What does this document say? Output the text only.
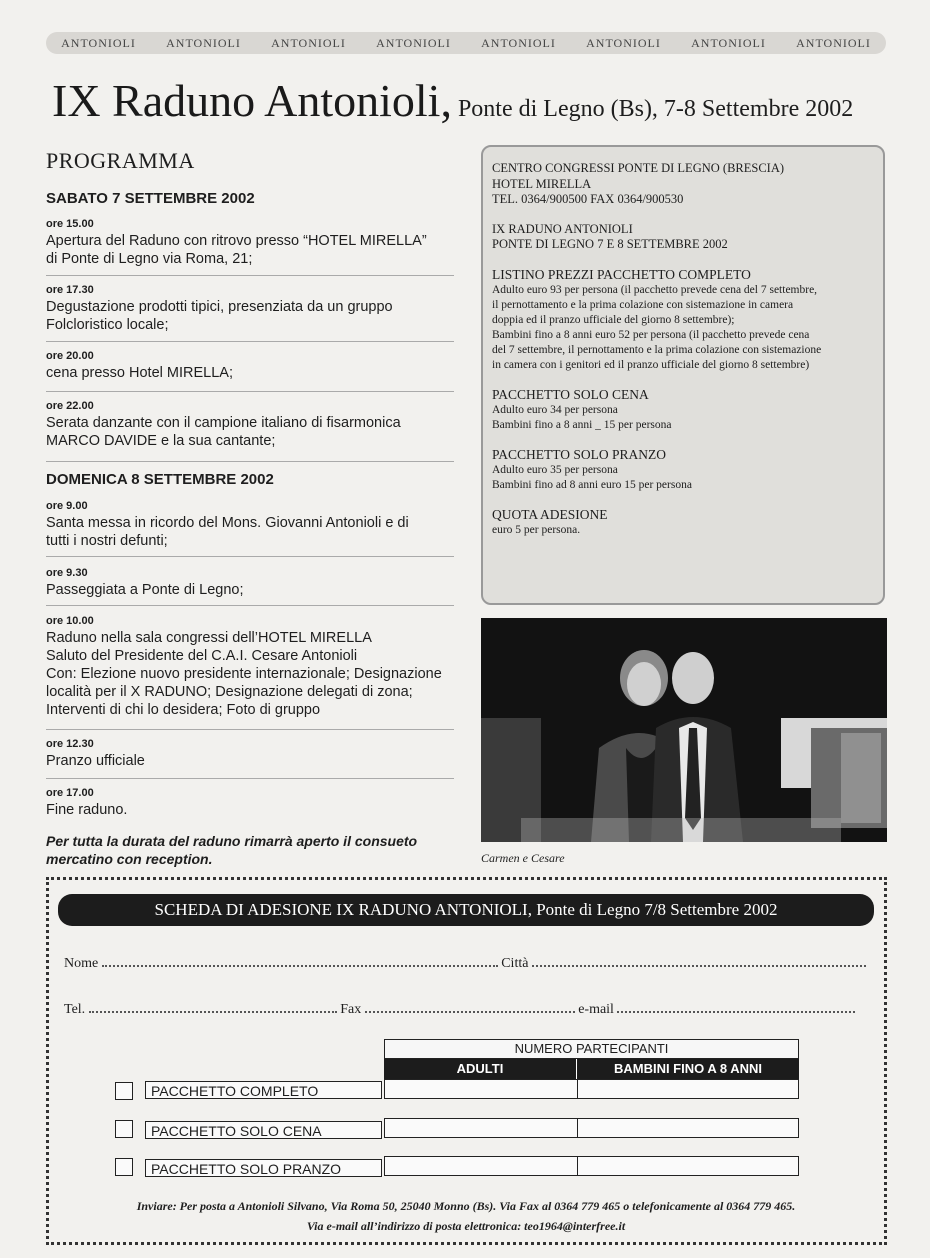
ANTONIOLI	ANTONIOLI	ANTONIOLI	ANTONIOLI	ANTONIOLI	ANTONIOLI	ANTONIOLI	ANTONIOLI
IX Raduno Antonioli, Ponte di Legno (Bs), 7-8 Settembre 2002
PROGRAMMA
SABATO 7 SETTEMBRE 2002
ore 15.00
Apertura del Raduno con ritrovo presso “HOTEL MIRELLA”
di Ponte di Legno via Roma, 21;
ore 17.30
Degustazione prodotti tipici, presenziata da un gruppo
Folcloristico locale;
ore 20.00
cena presso Hotel MIRELLA;
ore 22.00
Serata danzante con il campione italiano di fisarmonica
MARCO DAVIDE e la sua cantante;
DOMENICA 8 SETTEMBRE 2002
ore 9.00
Santa messa in ricordo del Mons. Giovanni Antonioli e di
tutti i nostri defunti;
ore 9.30
Passeggiata a Ponte di Legno;
ore 10.00
Raduno nella sala congressi dell’HOTEL MIRELLA
Saluto del Presidente del C.A.I. Cesare Antonioli
Con: Elezione nuovo presidente internazionale; Designazione
località per il X RADUNO; Designazione delegati di zona;
Interventi di chi lo desidera; Foto di gruppo
ore 12.30
Pranzo ufficiale
ore 17.00
Fine raduno.
Per tutta la durata del raduno rimarrà aperto il consueto mercatino con reception.
CENTRO CONGRESSI PONTE DI LEGNO (BRESCIA)
HOTEL MIRELLA
TEL. 0364/900500 FAX 0364/900530
IX RADUNO ANTONIOLI
PONTE DI LEGNO 7 E 8 SETTEMBRE 2002
LISTINO PREZZI PACCHETTO COMPLETO
Adulto euro 93 per persona (il pacchetto prevede cena del 7 settembre,
il pernottamento e la prima colazione con sistemazione in camera
doppia ed il pranzo ufficiale del giorno 8 settembre);
Bambini fino a 8 anni euro 52 per persona (il pacchetto prevede cena
del 7 settembre, il pernottamento e la prima colazione con sistemazione
in camera con i genitori ed il pranzo ufficiale del giorno 8 settembre)
PACCHETTO SOLO CENA
Adulto euro 34 per persona
Bambini fino a 8 anni _ 15 per persona
PACCHETTO SOLO PRANZO
Adulto euro 35 per persona
Bambini fino ad 8 anni euro 15 per persona
QUOTA ADESIONE
euro 5 per persona.
Carmen e Cesare
SCHEDA DI ADESIONE IX RADUNO ANTONIOLI, Ponte di Legno 7/8 Settembre 2002
Nome	Città
Tel.	Fax	e-mail
NUMERO PARTECIPANTI
ADULTI	BAMBINI FINO A 8 ANNI
PACCHETTO COMPLETO
PACCHETTO SOLO CENA
PACCHETTO SOLO PRANZO
Inviare: Per posta a Antonioli Silvano, Via Roma 50, 25040 Monno (Bs). Via Fax al 0364 779 465 o telefonicamente al 0364 779 465.
Via e-mail all’indirizzo di posta elettronica: teo1964@interfree.it
